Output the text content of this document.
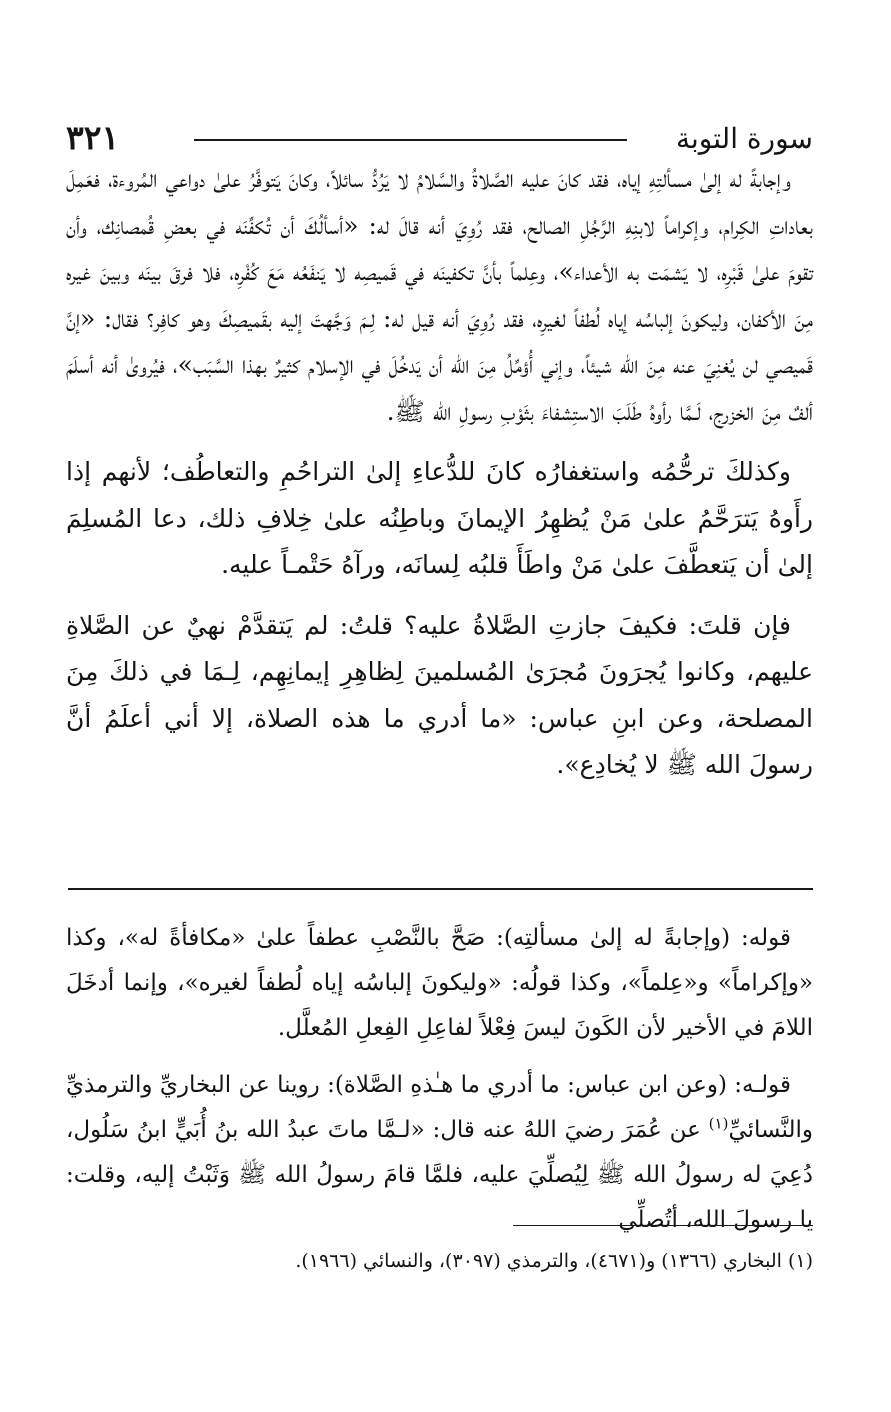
سورة التوبة
٣٢١

وإجابةً له إلىٰ مسألتِهِ إياه، فقد كانَ عليه الصَّلاةُ والسَّلامُ لا يَرُدُّ سائلاً، وكانَ يَتوفَّرُ علىٰ دواعي المُروءة، فعَمِلَ بعاداتِ الكِرام، وإكراماً لابنِهِ الرَّجُلِ الصالح، فقد رُوِيَ أنه قالَ له: «أسألُكَ أن تُكفِّنَه في بعضِ قُمصانِك، وأن تقومَ علىٰ قَبْرِه، لا يَشمَت به الأعداء»، وعِلماً بأنَّ تكفينَه في قَميصِه لا يَنفَعُه مَعَ كُفْرِه، فلا فرقَ بينَه وبينَ غيره مِنَ الأكفان، وليكونَ إلباسُه إياه لُطفاً لغيرِه، فقد رُوِيَ أنه قيل له: لِـمَ وَجَّهتَ إليه بقَميصِكَ وهو كافِر؟ فقال: «إنَّ قَميصي لن يُغنِيَ عنه مِنَ الله شيئاً، وإني أُؤمِّلُ مِنَ الله أن يَدخُلَ في الإسلام كثيرٌ بهذا السَّبَب»، فيُروىٰ أنه أسلَمَ ألفٌ مِنَ الخزرج، لَـمَّا رأوهُ طَلَبَ الاستِشفاءَ بثَوْبِ رسولِ الله ﷺ.

وكذلكَ ترحُّمُه واستغفارُه كانَ للدُّعاءِ إلىٰ التراحُمِ والتعاطُف؛ لأنهم إذا رأَوهُ يَترَحَّمُ علىٰ مَنْ يُظهِرُ الإيمانَ وباطِنُه علىٰ خِلافِ ذلك، دعا المُسلِمَ إلىٰ أن يَتعطَّفَ علىٰ مَنْ واطَأَ قلبُه لِسانَه، ورآهُ حَتْمـاً عليه.

فإن قلتَ: فكيفَ جازتِ الصَّلاةُ عليه؟ قلتُ: لم يَتقدَّمْ نهيٌ عن الصَّلاةِ عليهم، وكانوا يُجرَونَ مُجرَىٰ المُسلمينَ لِظاهِرِ إيمانِهِم، لِـمَا في ذلكَ مِنَ المصلحة، وعن ابنِ عباس: «ما أدري ما هذه الصلاة، إلا أني أعلَمُ أنَّ رسولَ الله ﷺ لا يُخادِع».

قوله: (وإجابةً له إلىٰ مسألتِه): صَحَّ بالنَّصْبِ عطفاً علىٰ «مكافأةً له»، وكذا «وإكراماً» و«عِلماً»، وكذا قولُه: «وليكونَ إلباسُه إياه لُطفاً لغيره»، وإنما أدخَلَ اللامَ في الأخير لأن الكَونَ ليسَ فِعْلاً لفاعِلِ الفِعلِ المُعلَّل.

قولـه: (وعن ابن عباس: ما أدري ما هـٰذهِ الصَّلاة): روينا عن البخاريِّ والترمذيِّ والنَّسائيِّ$^{(١)}$ عن عُمَرَ رضيَ اللهُ عنه قال: «لـمَّا ماتَ عبدُ الله بنُ أُبَيٍّ ابنُ سَلُول، دُعِيَ له رسولُ الله ﷺ لِيُصلِّيَ عليه، فلمَّا قامَ رسولُ الله ﷺ وَثَبْتُ إليه، وقلت: يا رسولَ الله، أتُصلِّي

(١) البخاري (١٣٦٦) و(٤٦٧١)، والترمذي (٣٠٩٧)، والنسائي (١٩٦٦).
